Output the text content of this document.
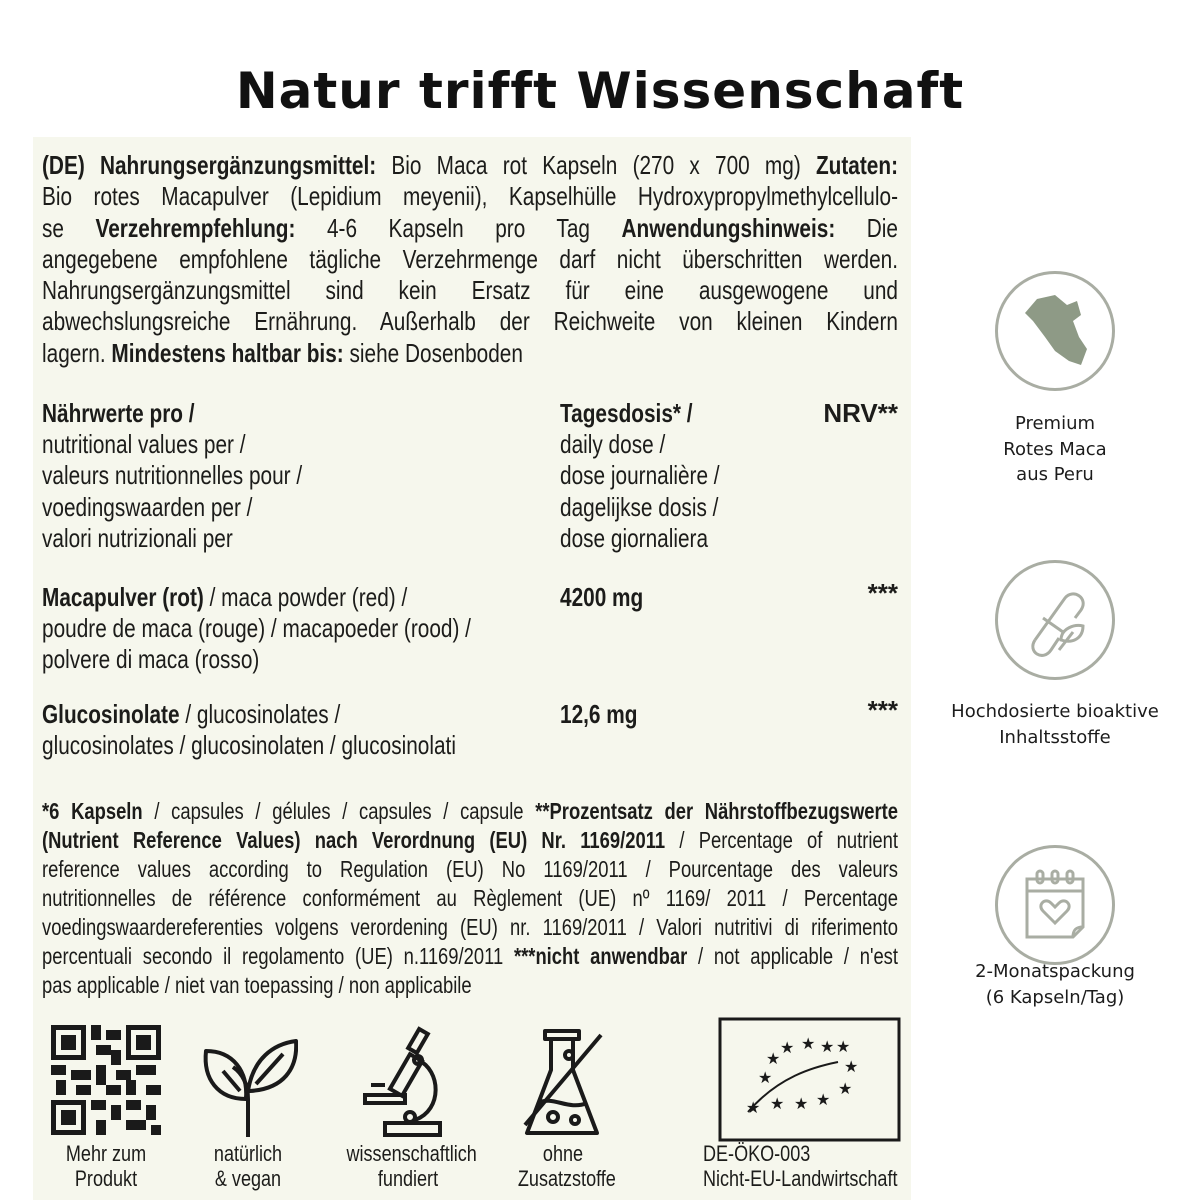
Natur trifft Wissenschaft
(DE) Nahrungsergänzungsmittel: Bio Maca rot Kapseln (270 x 700 mg) Zutaten:
Bio rotes Macapulver (Lepidium meyenii), Kapselhülle Hydroxypropylmethylcellulo-
se Verzehrempfehlung: 4-6 Kapseln pro Tag Anwendungshinweis: Die
angegebene empfohlene tägliche Verzehrmenge darf nicht überschritten werden.
Nahrungsergänzungsmittel sind kein Ersatz für eine ausgewogene und
abwechslungsreiche Ernährung. Außerhalb der Reichweite von kleinen Kindern
lagern. Mindestens haltbar bis: siehe Dosenboden
Nährwerte pro /
nutritional values per /
valeurs nutritionnelles pour /
voedingswaarden per /
valori nutrizionali per
Tagesdosis* /
daily dose /
dose journalière /
dagelijkse dosis /
dose giornaliera
NRV**
Macapulver (rot) / maca powder (red) /
poudre de maca (rouge) / macapoeder (rood) /
polvere di maca (rosso)
4200 mg	***
Glucosinolate / glucosinolates /
glucosinolates / glucosinolaten / glucosinolati
12,6 mg	***
*6 Kapseln / capsules / gélules / capsules / capsule **Prozentsatz der Nährstoffbezugswerte
(Nutrient Reference Values) nach Verordnung (EU) Nr. 1169/2011 / Percentage of nutrient
reference values according to Regulation (EU) No 1169/2011 / Pourcentage des valeurs
nutritionnelles de référence conformément au Règlement (UE) nº 1169/ 2011 / Percentage
voedingswaardereferenties volgens verordening (EU) nr. 1169/2011 / Valori nutritivi di riferimento
percentuali secondo il regolamento (UE) n.1169/2011 ***nicht anwendbar / not applicable / n'est
pas applicable / niet van toepassing / non applicabile
Mehr zum
Produkt
natürlich
& vegan
wissenschaftlich
fundiert
ohne
Zusatzstoffe
★
★ ★ ★ ★
★
★
★
★ ★ ★ ★
DE-ÖKO-003
Nicht-EU-Landwirtschaft
Premium
Rotes Maca
aus Peru
Hochdosierte bioaktive
Inhaltsstoffe
2-Monatspackung
(6 Kapseln/Tag)
